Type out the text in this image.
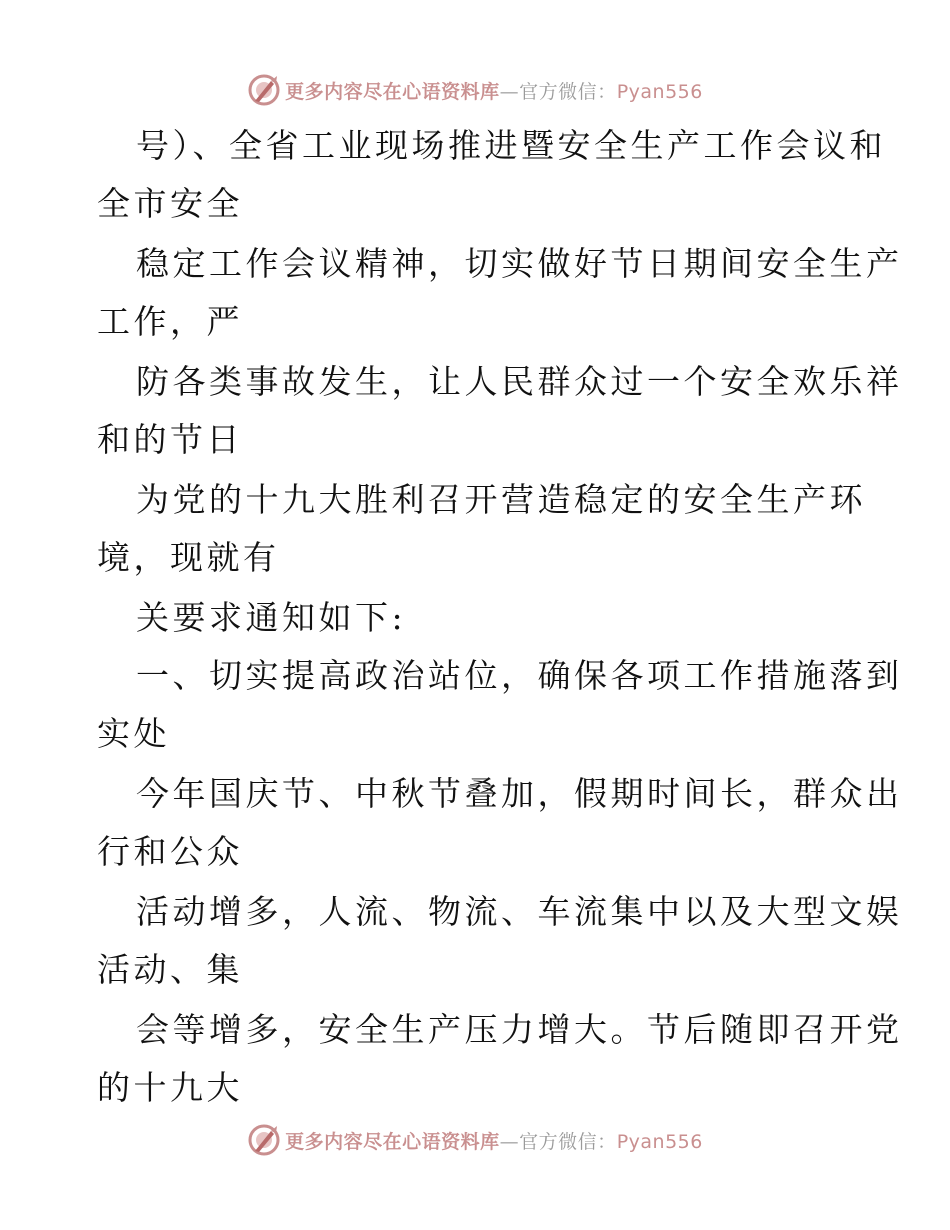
更多内容尽在心语资料库—官方微信：Pyan556
号）、全省工业现场推进暨安全生产工作会议和
全市安全
稳定工作会议精神，切实做好节日期间安全生产
工作，严
防各类事故发生，让人民群众过一个安全欢乐祥
和的节日
为党的十九大胜利召开营造稳定的安全生产环
境，现就有
关要求通知如下:
一、切实提高政治站位，确保各项工作措施落到
实处
今年国庆节、中秋节叠加，假期时间长，群众出
行和公众
活动增多，人流、物流、车流集中以及大型文娱
活动、集
会等增多，安全生产压力增大。节后随即召开党
的十九大
更多内容尽在心语资料库—官方微信：Pyan556
